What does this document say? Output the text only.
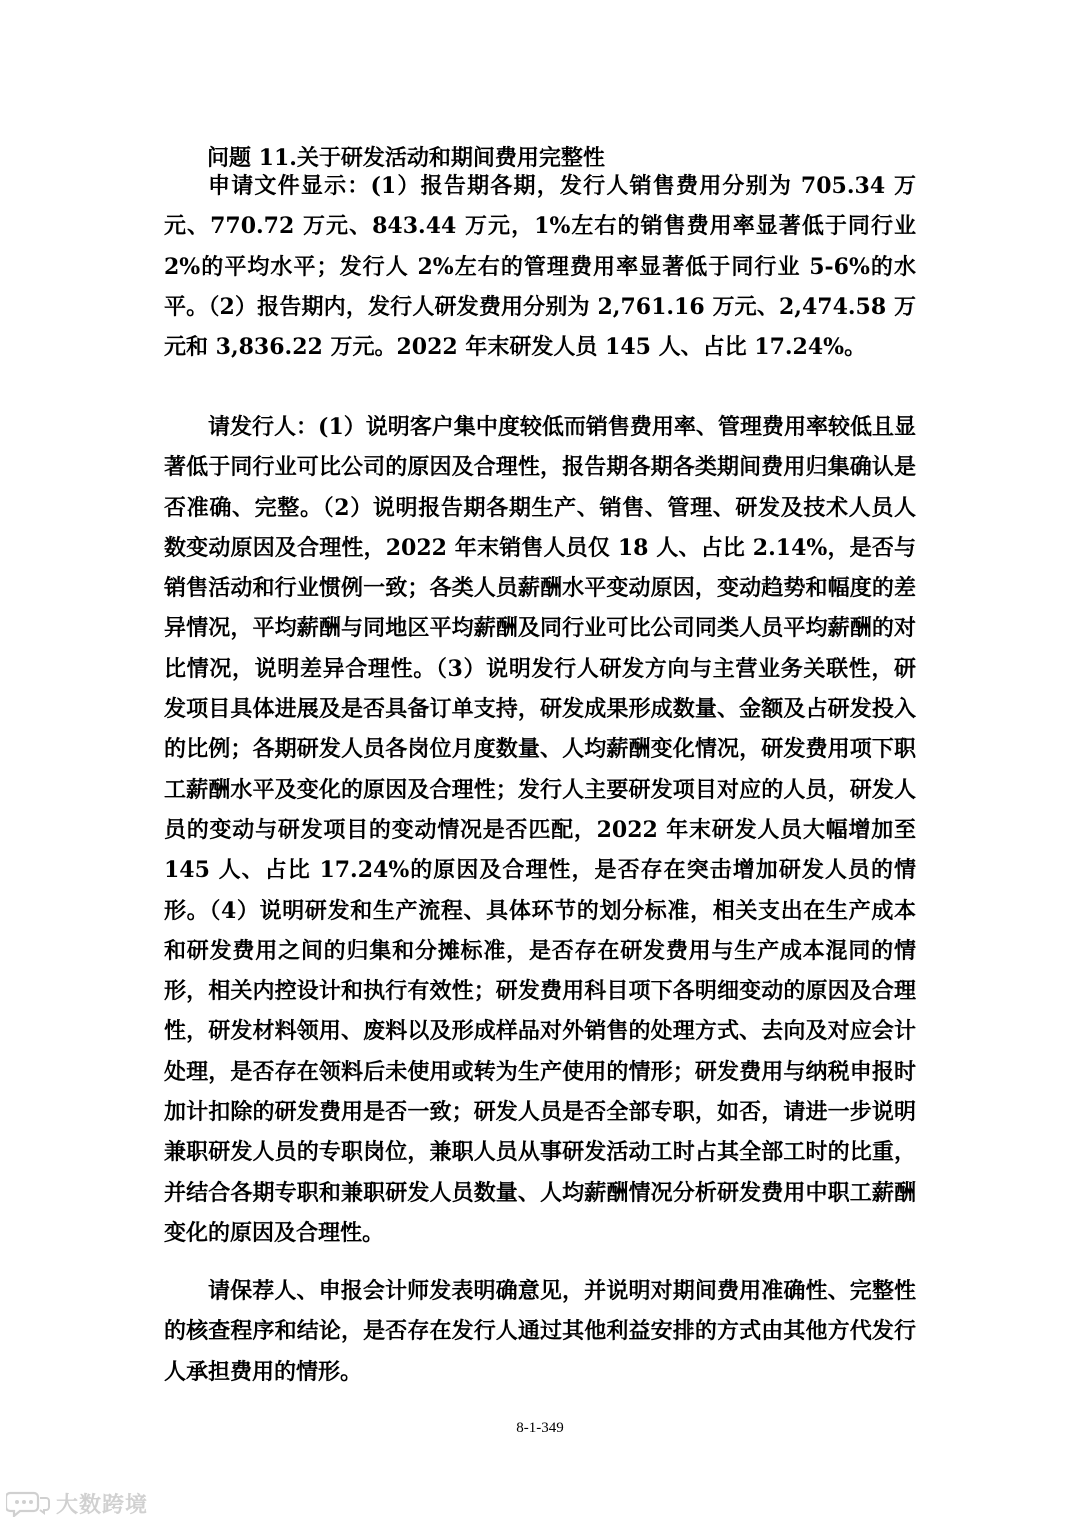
问题 11.关于研发活动和期间费用完整性

申请文件显示：(1）报告期各期，发行人销售费用分别为 705.34 万元、770.72 万元、843.44 万元，1%左右的销售费用率显著低于同行业 2%的平均水平；发行人 2%左右的管理费用率显著低于同行业 5-6%的水平。（2）报告期内，发行人研发费用分别为 2,761.16 万元、2,474.58 万元和 3,836.22 万元。2022 年末研发人员 145 人、占比 17.24%。

请发行人：(1）说明客户集中度较低而销售费用率、管理费用率较低且显著低于同行业可比公司的原因及合理性，报告期各期各类期间费用归集确认是否准确、完整。（2）说明报告期各期生产、销售、管理、研发及技术人员人数变动原因及合理性，2022 年末销售人员仅 18 人、占比 2.14%，是否与销售活动和行业惯例一致；各类人员薪酬水平变动原因，变动趋势和幅度的差异情况，平均薪酬与同地区平均薪酬及同行业可比公司同类人员平均薪酬的对比情况，说明差异合理性。（3）说明发行人研发方向与主营业务关联性，研发项目具体进展及是否具备订单支持，研发成果形成数量、金额及占研发投入的比例；各期研发人员各岗位月度数量、人均薪酬变化情况，研发费用项下职工薪酬水平及变化的原因及合理性；发行人主要研发项目对应的人员，研发人员的变动与研发项目的变动情况是否匹配，2022 年末研发人员大幅增加至 145 人、占比 17.24%的原因及合理性，是否存在突击增加研发人员的情形。（4）说明研发和生产流程、具体环节的划分标准，相关支出在生产成本和研发费用之间的归集和分摊标准，是否存在研发费用与生产成本混同的情形，相关内控设计和执行有效性；研发费用科目项下各明细变动的原因及合理性，研发材料领用、废料以及形成样品对外销售的处理方式、去向及对应会计处理，是否存在领料后未使用或转为生产使用的情形；研发费用与纳税申报时加计扣除的研发费用是否一致；研发人员是否全部专职，如否，请进一步说明兼职研发人员的专职岗位，兼职人员从事研发活动工时占其全部工时的比重，并结合各期专职和兼职研发人员数量、人均薪酬情况分析研发费用中职工薪酬变化的原因及合理性。

请保荐人、申报会计师发表明确意见，并说明对期间费用准确性、完整性的核查程序和结论，是否存在发行人通过其他利益安排的方式由其他方代发行人承担费用的情形。

8-1-349
大数跨境
